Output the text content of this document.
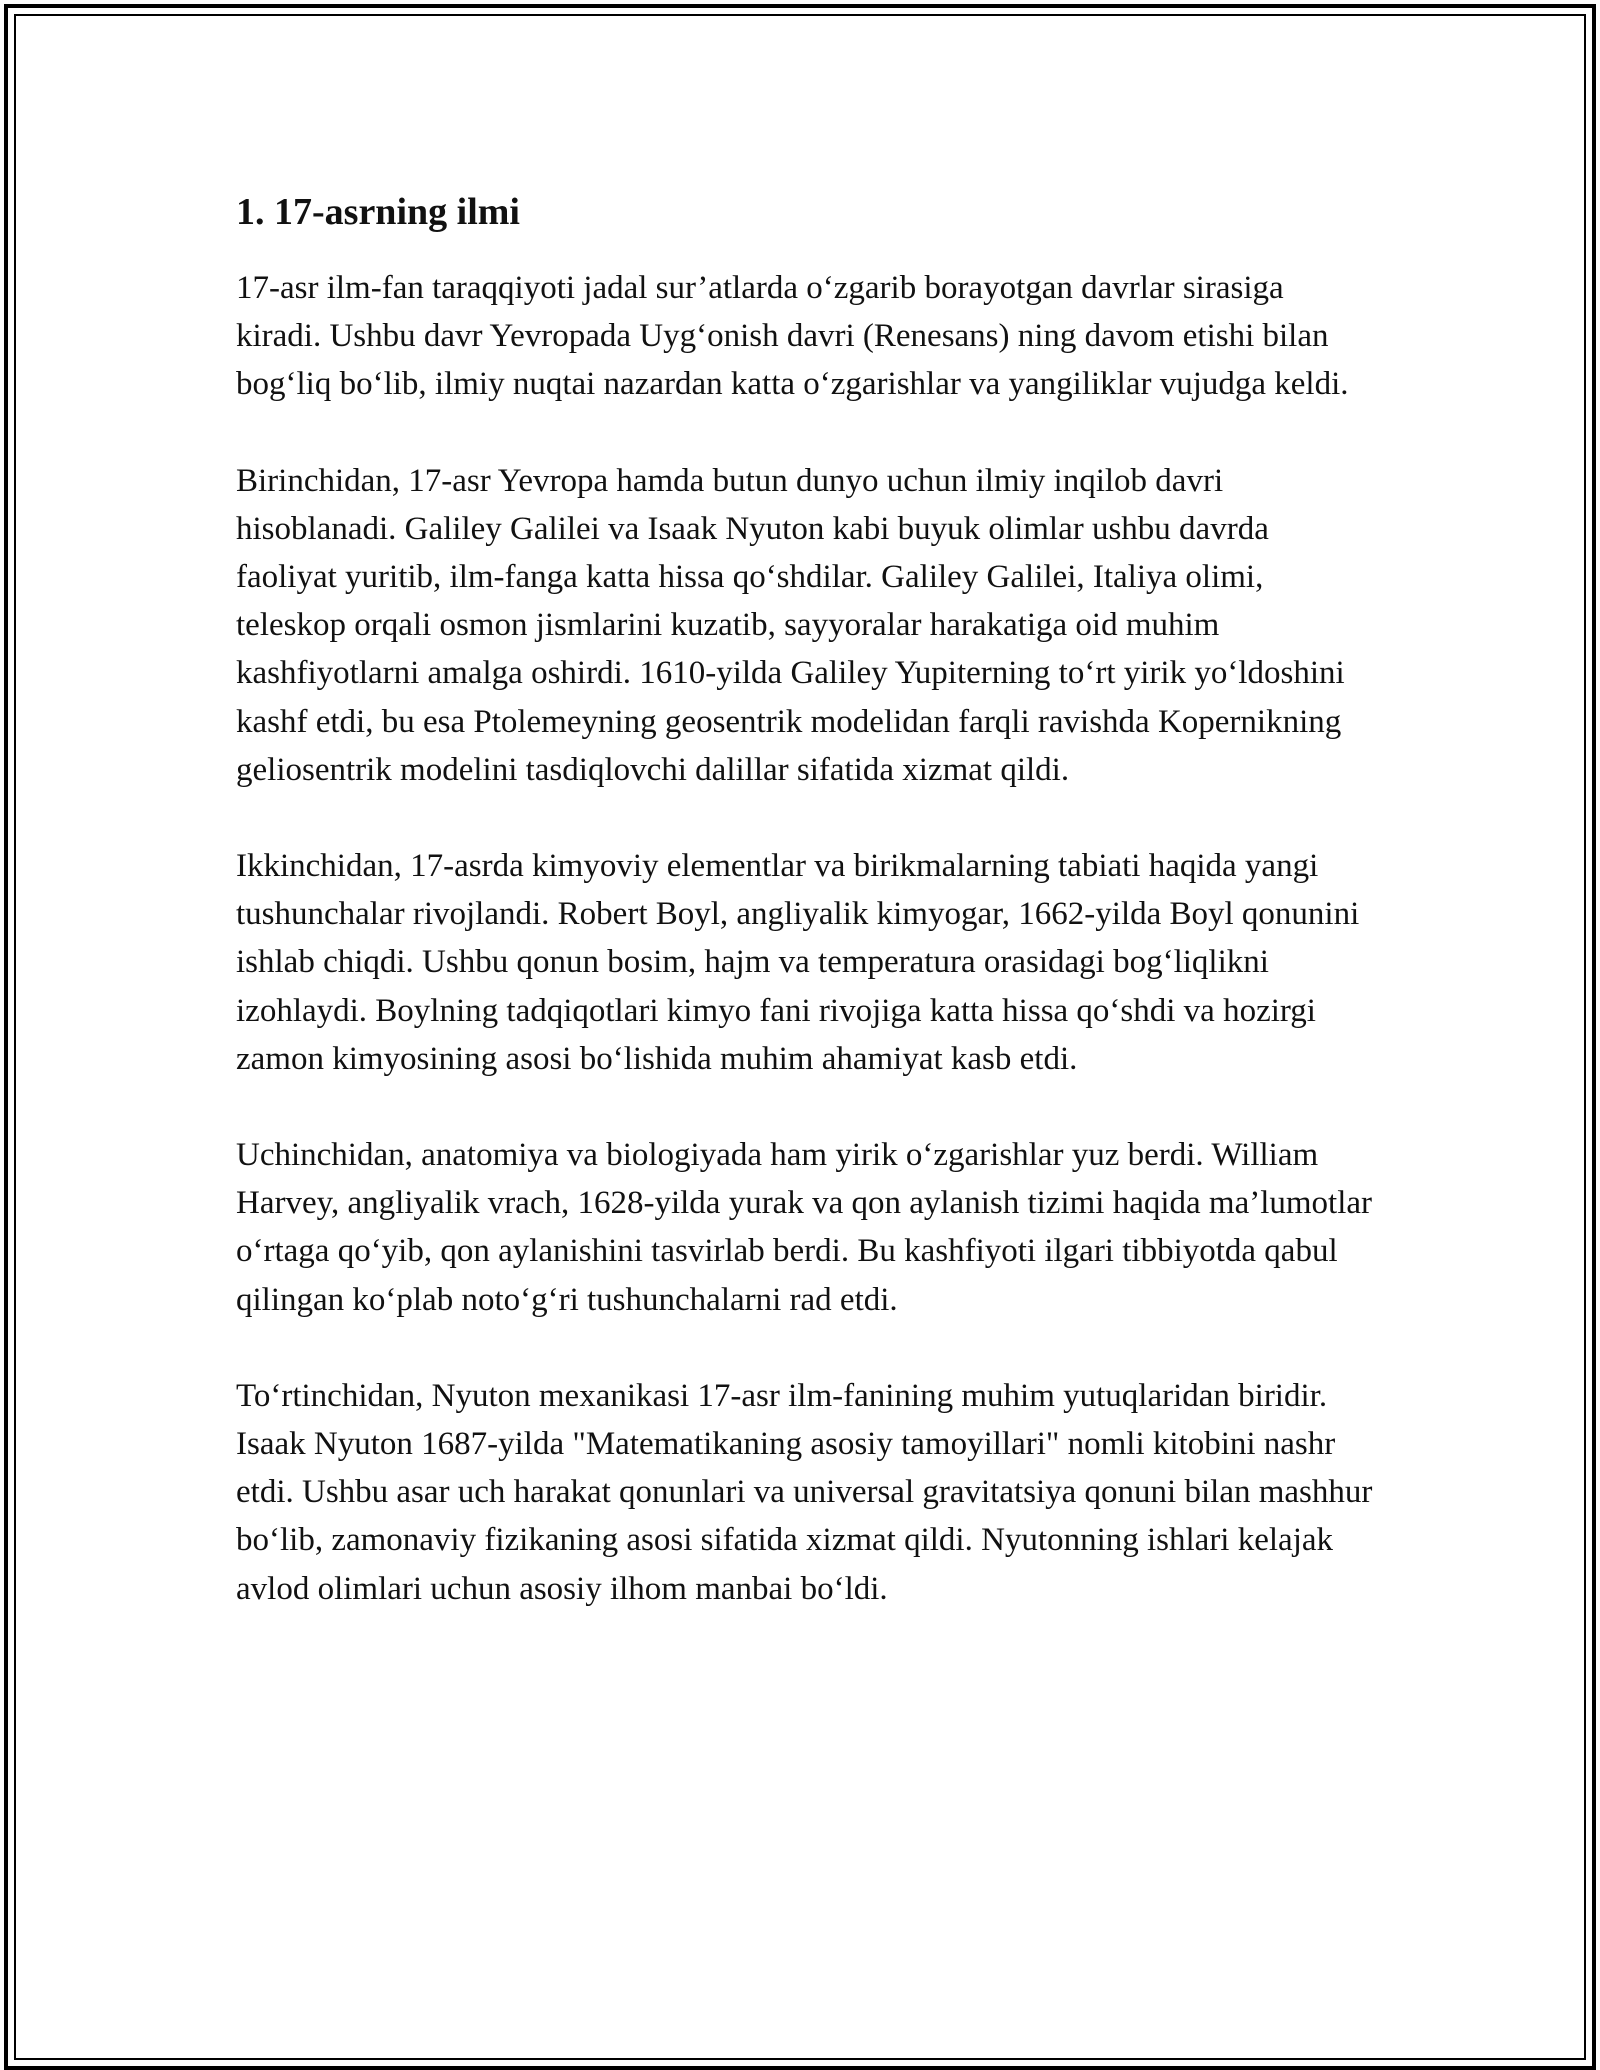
1. 17-asrning ilmi

17-asr ilm-fan taraqqiyoti jadal sur’atlarda o‘zgarib borayotgan davrlar sirasiga kiradi. Ushbu davr Yevropada Uyg‘onish davri (Renesans) ning davom etishi bilan bog‘liq bo‘lib, ilmiy nuqtai nazardan katta o‘zgarishlar va yangiliklar vujudga keldi.

Birinchidan, 17-asr Yevropa hamda butun dunyo uchun ilmiy inqilob davri hisoblanadi. Galiley Galilei va Isaak Nyuton kabi buyuk olimlar ushbu davrda faoliyat yuritib, ilm-fanga katta hissa qo‘shdilar. Galiley Galilei, Italiya olimi, teleskop orqali osmon jismlarini kuzatib, sayyoralar harakatiga oid muhim kashfiyotlarni amalga oshirdi. 1610-yilda Galiley Yupiterning to‘rt yirik yo‘ldoshini kashf etdi, bu esa Ptolemeyning geosentrik modelidan farqli ravishda Kopernikning geliosentrik modelini tasdiqlovchi dalillar sifatida xizmat qildi.

Ikkinchidan, 17-asrda kimyoviy elementlar va birikmalarning tabiati haqida yangi tushunchalar rivojlandi. Robert Boyl, angliyalik kimyogar, 1662-yilda Boyl qonunini ishlab chiqdi. Ushbu qonun bosim, hajm va temperatura orasidagi bog‘liqlikni izohlaydi. Boylning tadqiqotlari kimyo fani rivojiga katta hissa qo‘shdi va hozirgi zamon kimyosining asosi bo‘lishida muhim ahamiyat kasb etdi.

Uchinchidan, anatomiya va biologiyada ham yirik o‘zgarishlar yuz berdi. William Harvey, angliyalik vrach, 1628-yilda yurak va qon aylanish tizimi haqida ma’lumotlar o‘rtaga qo‘yib, qon aylanishini tasvirlab berdi. Bu kashfiyoti ilgari tibbiyotda qabul qilingan ko‘plab noto‘g‘ri tushunchalarni rad etdi.

To‘rtinchidan, Nyuton mexanikasi 17-asr ilm-fanining muhim yutuqlaridan biridir. Isaak Nyuton 1687-yilda "Matematikaning asosiy tamoyillari" nomli kitobini nashr etdi. Ushbu asar uch harakat qonunlari va universal gravitatsiya qonuni bilan mashhur bo‘lib, zamonaviy fizikaning asosi sifatida xizmat qildi. Nyutonning ishlari kelajak avlod olimlari uchun asosiy ilhom manbai bo‘ldi.
